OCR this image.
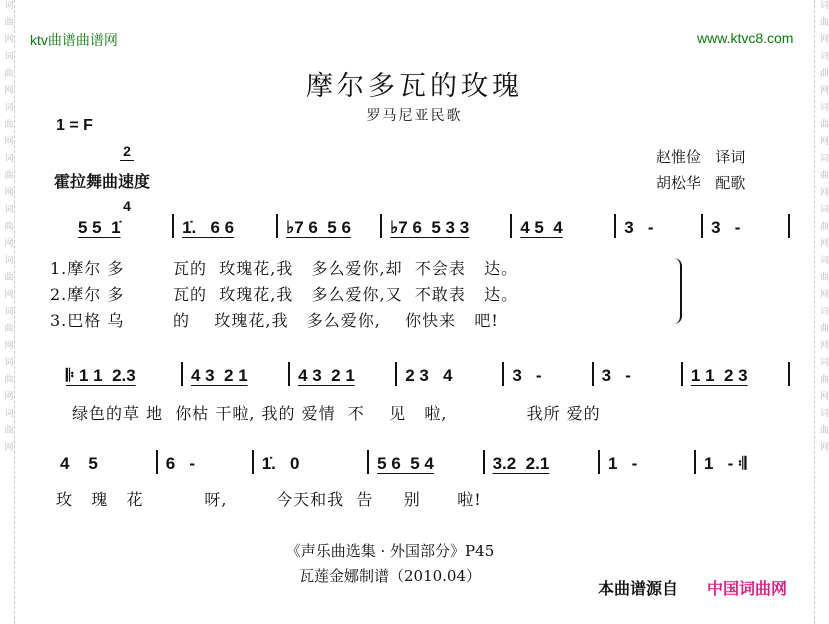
词曲网
词曲网
词曲网
词曲网
词曲网
词曲网
词曲网
词曲网
词曲网
词曲网
词曲网
词曲网
词曲网
词曲网
词曲网
词曲网
词曲网
词曲网
ktv曲谱曲谱网	www.ktvc8.com
摩尔多瓦的玫瑰
罗马尼亚民歌
1 = F

2

4

霍拉舞曲速度
赵惟俭 译词
胡松华 配歌
5 5  1̇	1̇.   6 6	♭7 6  5 6	♭7 6  5 3 3	4 5  4	3   -	3   -
1.摩尔 多        瓦的  玫瑰花,我   多么爱你,却  不会表   达。
2.摩尔 多        瓦的  玫瑰花,我   多么爱你,又  不敢表   达。
3.巴格 乌        的    玫瑰花,我   多么爱你,    你快来   吧!
𝄆 1 1  2.3	4 3  2 1	4 3  2 1	2 3   4	3   -	3   -	1 1  2 3
绿色的草 地  你枯 干啦, 我的 爱情  不    见   啦,             我所 爱的
4    5	6   -	1̇.   0	5 6  5 4	3.2  2.1	1   -	1   - 𝄇
玫   瑰   花          呀,        今天和我  告     别      啦!
《声乐曲选集 · 外国部分》P45
瓦莲金娜制谱（2010.04）
本曲谱源自 中国词曲网
